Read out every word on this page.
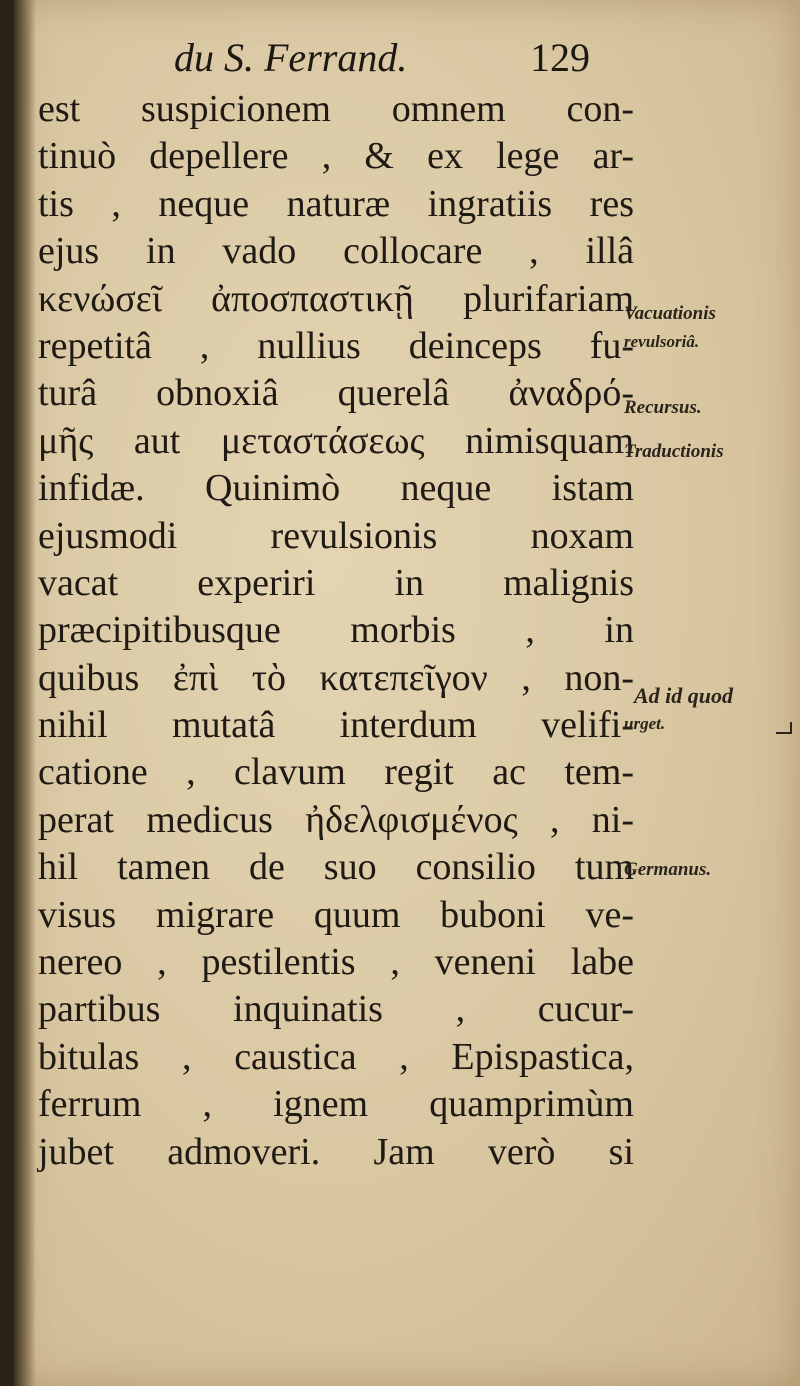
du S. Ferrand.	129
est suspicionem omnem con-
tinuò depellere , & ex lege ar-
tis , neque naturæ ingratiis res
ejus in vado collocare , illâ
κενώσεῖ ἀποσπαστικῇ plurifariam
repetitâ , nullius deinceps fu-
turâ obnoxiâ querelâ ἀναδρό-
μῆς aut μεταστάσεως nimisquam
infidæ. Quinimò neque istam
ejusmodi revulsionis noxam
vacat experiri in malignis
præcipitibusque morbis , in
quibus ἐπὶ τὸ κατεπεῖγον , non-
nihil mutatâ interdum velifi-
catione , clavum regit ac tem-
perat medicus ἠδελφισμένος , ni-
hil tamen de suo consilio tum
visus migrare quum buboni ve-
nereo , pestilentis , veneni labe
partibus inquinatis , cucur-
bitulas , caustica , Epispastica,
ferrum , ignem quamprimùm
jubet admoveri. Jam verò si
Vacuationis
revulsoriâ.
Recursus.
Traductionis
Ad id quod
urget.
Germanus.
